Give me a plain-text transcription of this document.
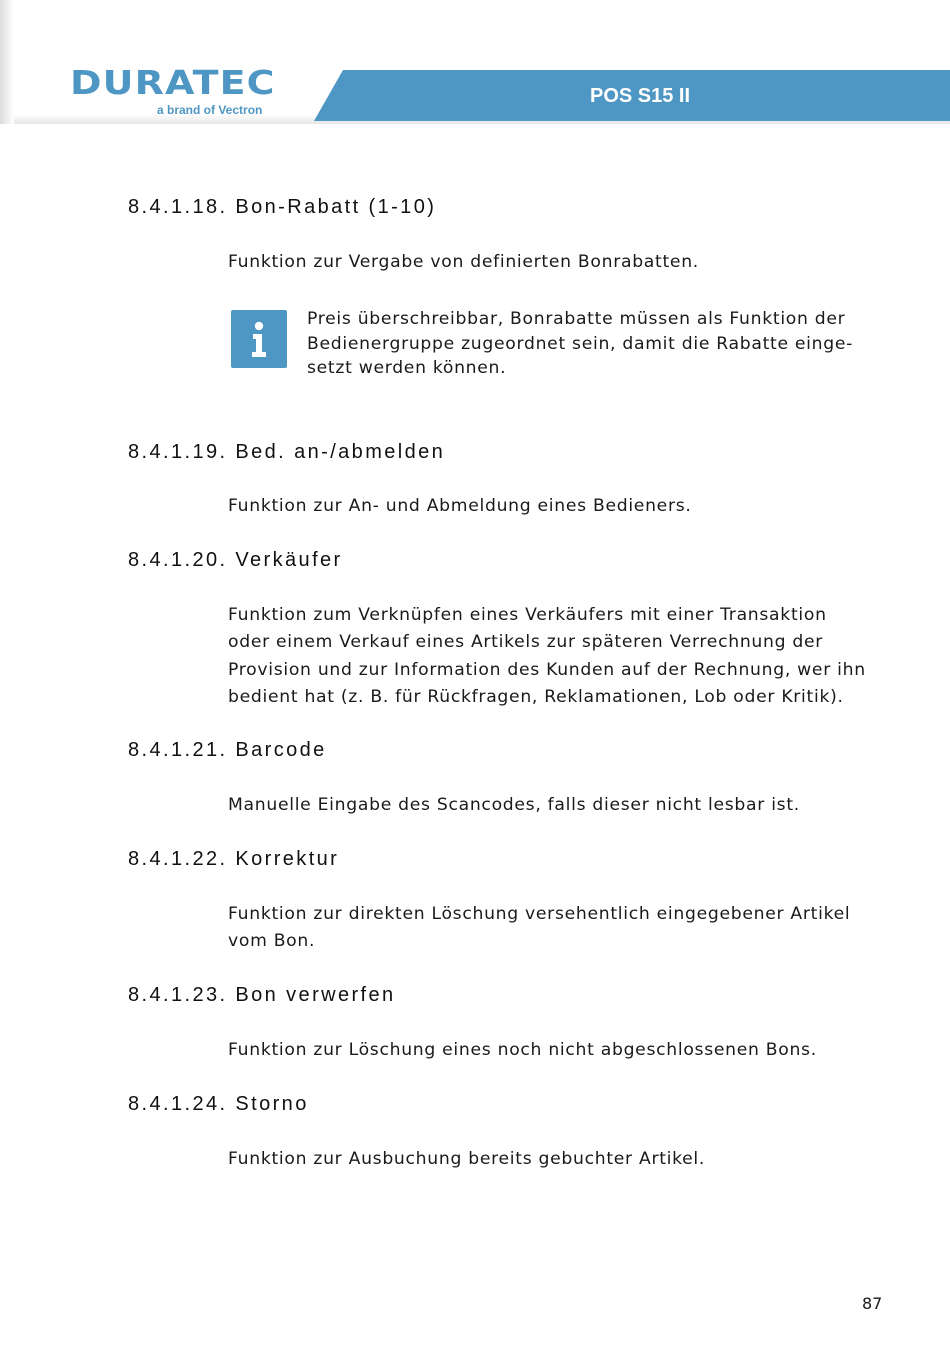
DURATEC
a brand of Vectron
POS S15 II
8.4.1.18. Bon-Rabatt (1-10)
Funktion zur Vergabe von definierten Bonrabatten.
Preis überschreibbar, Bonrabatte müssen als Funktion der
Bedienergruppe zugeordnet sein, damit die Rabatte einge-
setzt werden können.
8.4.1.19. Bed. an-/abmelden
Funktion zur An- und Abmeldung eines Bedieners.
8.4.1.20. Verkäufer
Funktion zum Verknüpfen eines Verkäufers mit einer Transaktion
oder einem Verkauf eines Artikels zur späteren Verrechnung der
Provision und zur Information des Kunden auf der Rechnung, wer ihn
bedient hat (z. B. für Rückfragen, Reklamationen, Lob oder Kritik).
8.4.1.21. Barcode
Manuelle Eingabe des Scancodes, falls dieser nicht lesbar ist.
8.4.1.22. Korrektur
Funktion zur direkten Löschung versehentlich eingegebener Artikel
vom Bon.
8.4.1.23. Bon verwerfen
Funktion zur Löschung eines noch nicht abgeschlossenen Bons.
8.4.1.24. Storno
Funktion zur Ausbuchung bereits gebuchter Artikel.
87
